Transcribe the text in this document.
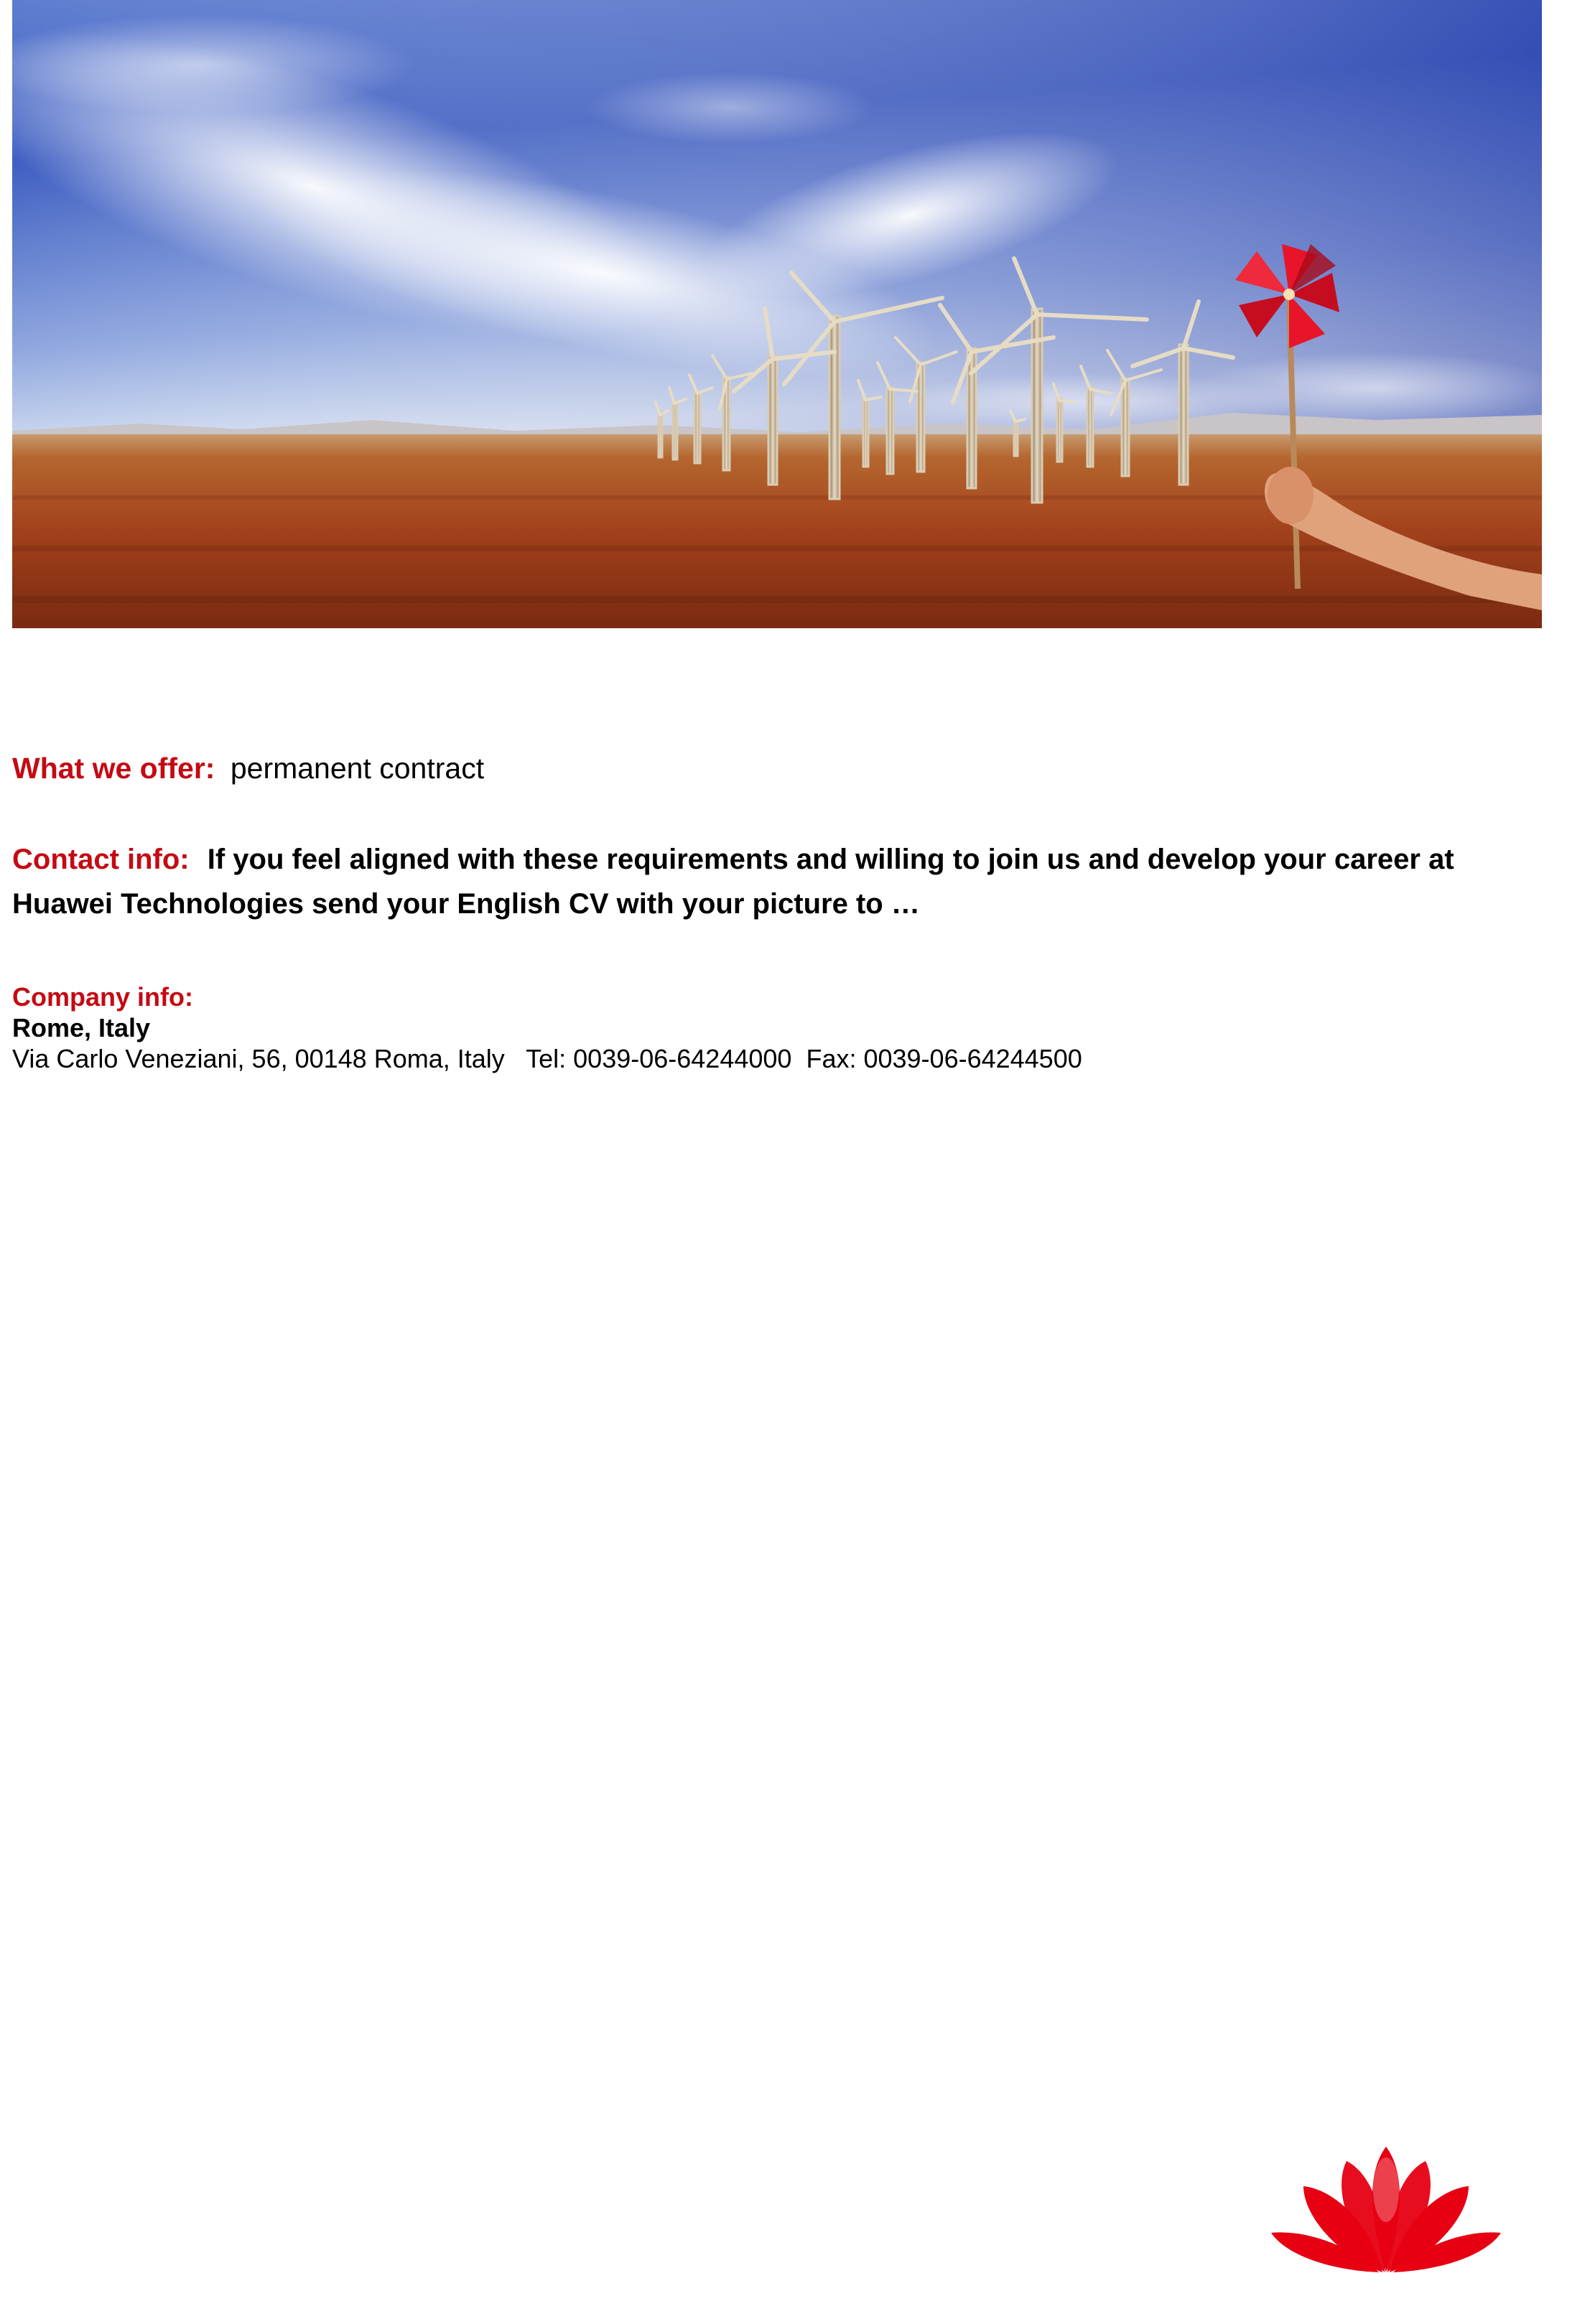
What we offer: permanent contract
Contact info: If you feel aligned with these requirements and willing to join us and develop your career at Huawei Technologies send your English CV with your picture to …
Company info:
Rome, Italy
Via Carlo Veneziani, 56, 00148 Roma, Italy Tel: 0039-06-64244000 Fax: 0039-06-64244500
